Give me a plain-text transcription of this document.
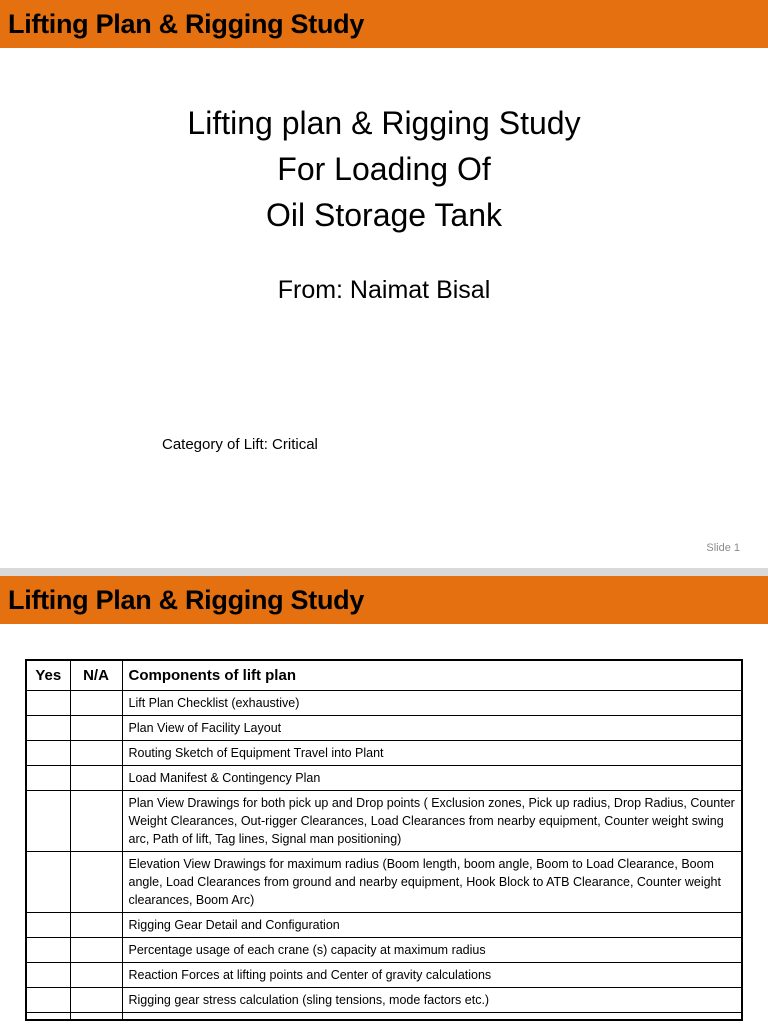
Lifting Plan & Rigging Study
Lifting plan & Rigging Study
For Loading Of
Oil Storage Tank
From: Naimat Bisal
Category of Lift: Critical
Slide 1
Lifting Plan & Rigging Study
Yes	N/A	Components of lift plan
		Lift Plan Checklist (exhaustive)
		Plan View of Facility Layout
		Routing Sketch of Equipment Travel into Plant
		Load Manifest & Contingency Plan
		Plan View Drawings for both pick up and Drop points ( Exclusion zones, Pick up radius, Drop Radius, Counter Weight Clearances, Out-rigger Clearances, Load Clearances from nearby equipment, Counter weight swing arc, Path of lift, Tag lines, Signal man positioning)
		Elevation View Drawings for maximum radius (Boom length, boom angle, Boom to Load Clearance, Boom angle, Load Clearances from ground and nearby equipment, Hook Block to ATB Clearance, Counter weight clearances, Boom Arc)
		Rigging Gear Detail and Configuration
		Percentage usage of each crane (s) capacity at maximum radius
		Reaction Forces at lifting points and Center of gravity calculations
		Rigging gear stress calculation (sling tensions, mode factors etc.)
